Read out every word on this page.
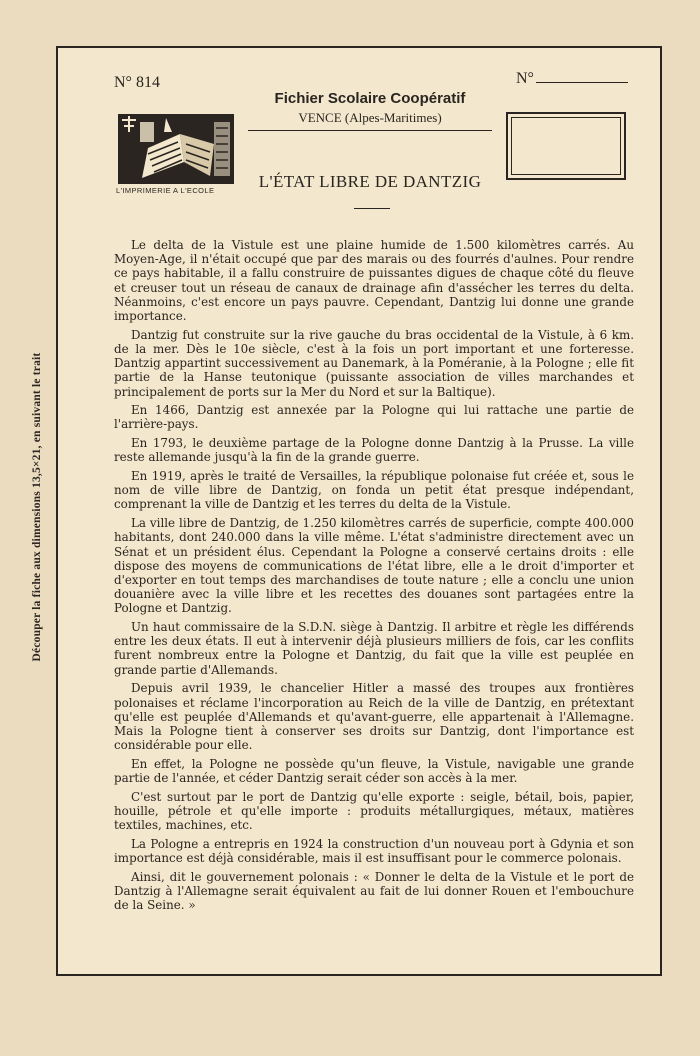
Découper la fiche aux dimensions 13,5×21, en suivant le trait
N° 814	N°
L'IMPRIMERIE A L'ECOLE
Fichier Scolaire Coopératif
VENCE (Alpes-Maritimes)
L'ÉTAT LIBRE DE DANTZIG

Le delta de la Vistule est une plaine humide de 1.500 kilomètres carrés. Au Moyen-Age, il n'était occupé que par des marais ou des fourrés d'aulnes. Pour rendre ce pays habitable, il a fallu construire de puissantes digues de chaque côté du fleuve et creuser tout un réseau de canaux de drainage afin d'assécher les terres du delta. Néanmoins, c'est encore un pays pauvre. Cependant, Dantzig lui donne une grande importance.

Dantzig fut construite sur la rive gauche du bras occidental de la Vistule, à 6 km. de la mer. Dès le 10e siècle, c'est à la fois un port important et une forteresse. Dantzig appartint successivement au Danemark, à la Poméranie, à la Pologne ; elle fit partie de la Hanse teutonique (puissante association de villes marchandes et principalement de ports sur la Mer du Nord et sur la Baltique).

En 1466, Dantzig est annexée par la Pologne qui lui rattache une partie de l'arrière-pays.

En 1793, le deuxième partage de la Pologne donne Dantzig à la Prusse. La ville reste allemande jusqu'à la fin de la grande guerre.

En 1919, après le traité de Versailles, la république polonaise fut créée et, sous le nom de ville libre de Dantzig, on fonda un petit état presque indépendant, comprenant la ville de Dantzig et les terres du delta de la Vistule.

La ville libre de Dantzig, de 1.250 kilomètres carrés de superficie, compte 400.000 habitants, dont 240.000 dans la ville même. L'état s'administre directement avec un Sénat et un président élus. Cependant la Pologne a conservé certains droits : elle dispose des moyens de communications de l'état libre, elle a le droit d'importer et d'exporter en tout temps des marchandises de toute nature ; elle a conclu une union douanière avec la ville libre et les recettes des douanes sont partagées entre la Pologne et Dantzig.

Un haut commissaire de la S.D.N. siège à Dantzig. Il arbitre et règle les différends entre les deux états. Il eut à intervenir déjà plusieurs milliers de fois, car les conflits furent nombreux entre la Pologne et Dantzig, du fait que la ville est peuplée en grande partie d'Allemands.

Depuis avril 1939, le chancelier Hitler a massé des troupes aux frontières polonaises et réclame l'incorporation au Reich de la ville de Dantzig, en prétextant qu'elle est peuplée d'Allemands et qu'avant-guerre, elle appartenait à l'Allemagne. Mais la Pologne tient à conserver ses droits sur Dantzig, dont l'importance est considérable pour elle.

En effet, la Pologne ne possède qu'un fleuve, la Vistule, navigable une grande partie de l'année, et céder Dantzig serait céder son accès à la mer.

C'est surtout par le port de Dantzig qu'elle exporte : seigle, bétail, bois, papier, houille, pétrole et qu'elle importe : produits métallurgiques, métaux, matières textiles, machines, etc.

La Pologne a entrepris en 1924 la construction d'un nouveau port à Gdynia et son importance est déjà considérable, mais il est insuffisant pour le commerce polonais.

Ainsi, dit le gouvernement polonais : « Donner le delta de la Vistule et le port de Dantzig à l'Allemagne serait équivalent au fait de lui donner Rouen et l'embouchure de la Seine. »
